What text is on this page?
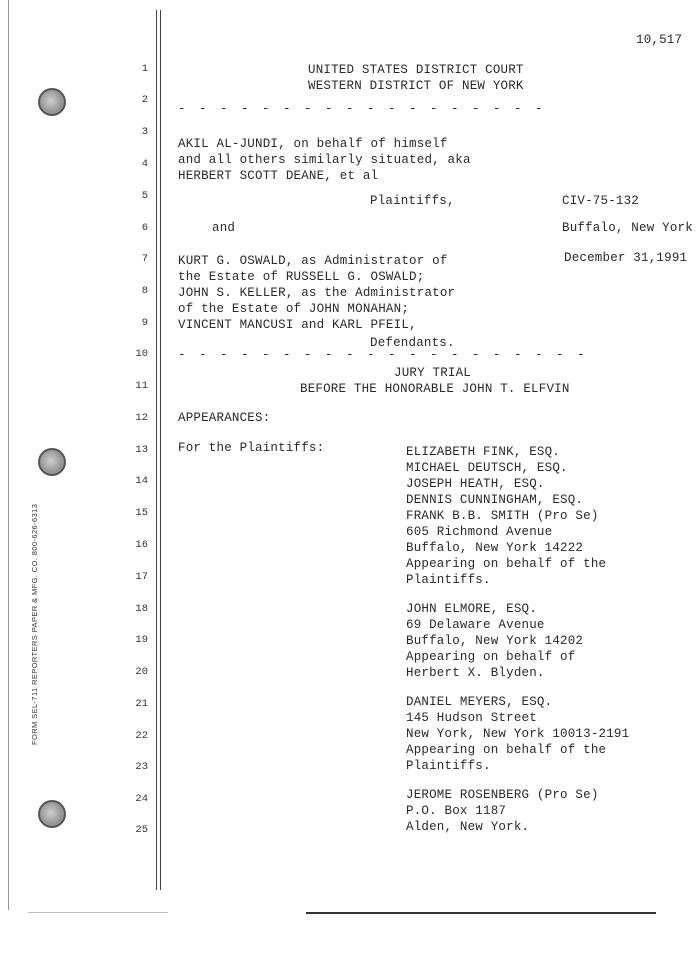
FORM SEL-711 REPORTERS PAPER & MFG. CO. 800-626-6313
10,517
1
2
3
4
5
6
7
8
9
10
11
12
13
14
15
16
17
18
19
20
21
22
23
24
25
UNITED STATES DISTRICT COURT
WESTERN DISTRICT OF NEW YORK
- - - - - - - - - - - - - - - - - -
AKIL AL-JUNDI, on behalf of himself
and all others similarly situated, aka
HERBERT SCOTT DEANE, et al
Plaintiffs,	CIV-75-132
and	Buffalo, New York
KURT G. OSWALD, as Administrator of	December 31,1991
the Estate of RUSSELL G. OSWALD;
JOHN S. KELLER, as the Administrator
of the Estate of JOHN MONAHAN;
VINCENT MANCUSI and KARL PFEIL,
Defendants.
- - - - - - - - - - - - - - - - - - - -
JURY TRIAL
BEFORE THE HONORABLE JOHN T. ELFVIN
APPEARANCES:
For the Plaintiffs:	ELIZABETH FINK, ESQ.
MICHAEL DEUTSCH, ESQ.
JOSEPH HEATH, ESQ.
DENNIS CUNNINGHAM, ESQ.
FRANK B.B. SMITH (Pro Se)
605 Richmond Avenue
Buffalo, New York 14222
Appearing on behalf of the
Plaintiffs.
JOHN ELMORE, ESQ.
69 Delaware Avenue
Buffalo, New York 14202
Appearing on behalf of
Herbert X. Blyden.
DANIEL MEYERS, ESQ.
145 Hudson Street
New York, New York 10013-2191
Appearing on behalf of the
Plaintiffs.
JEROME ROSENBERG (Pro Se)
P.O. Box 1187
Alden, New York.
